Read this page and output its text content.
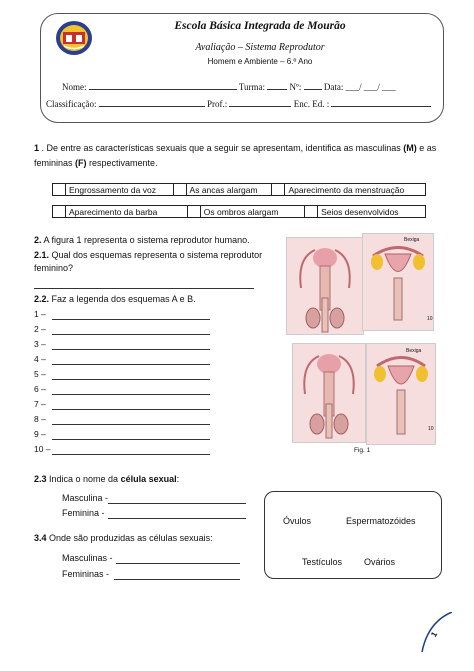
Escola Básica Integrada de Mourão
Avaliação – Sistema Reprodutor
Homem e Ambiente – 6.º Ano
Nome:	Turma:	Nº:	Data: ___/ ___/ ___
Classificação:	Prof.:	Enc. Ed. :
1 . De entre as características sexuais que a seguir se apresentam, identifica as masculinas (M) e as
femininas (F) respectivamente.
	Engrossamento da voz		As ancas alargam		Aparecimento da menstruação
	Aparecimento da barba		Os ombros alargam		Seios desenvolvidos
2. A figura 1 representa o sistema reprodutor humano.
2.1. Qual dos esquemas representa o sistema reprodutor
feminino?
2.2. Faz a legenda dos esquemas A e B.
1 –
2 –
3 –
4 –
5 –
6 –
7 –
8 –
9 –
10 –
Bexiga
10
Bexiga
10
Fig. 1
2.3 Indica o nome da célula sexual:
Masculina -
Feminina -
3.4 Onde são produzidas as células sexuais:
Masculinas -
Femininas -
Óvulos	Espermatozóides
Testículos Ovários
1
